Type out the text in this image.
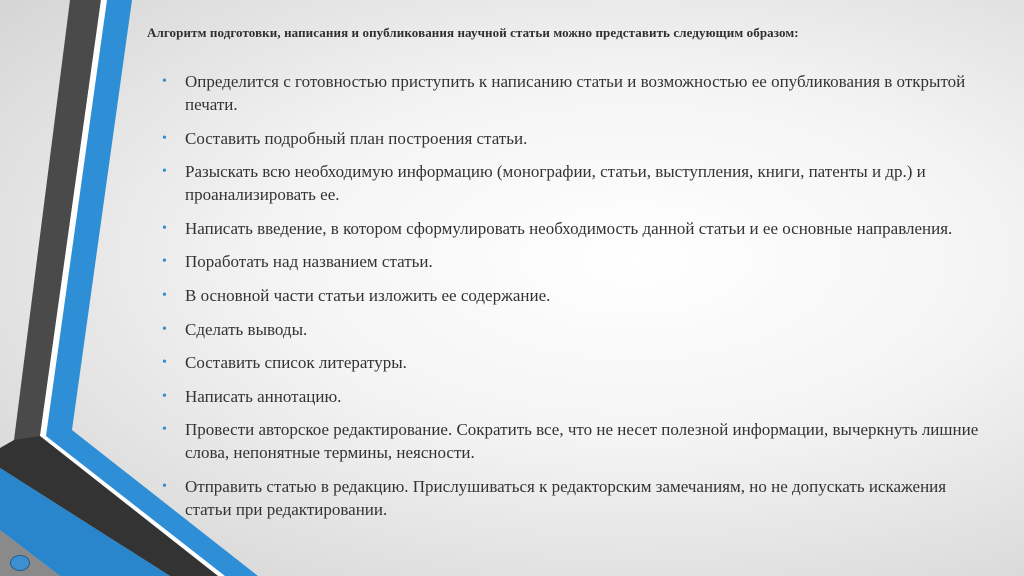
Алгоритм подготовки, написания и опубликования научной статьи можно представить следующим образом:

• Определится с готовностью приступить к написанию статьи и возможностью ее опубликования в открытой печати.
• Составить подробный план построения статьи.
• Разыскать всю необходимую информацию (монографии, статьи, выступления, книги, патенты и др.) и проанализировать ее.
• Написать введение, в котором сформулировать необходимость данной статьи и ее основные направления.
• Поработать над названием статьи.
• В основной части статьи изложить ее содержание.
• Сделать выводы.
• Составить список литературы.
• Написать аннотацию.
• Провести авторское редактирование. Сократить все, что не несет полезной информации, вычеркнуть лишние слова, непонятные термины, неясности.
• Отправить статью в редакцию. Прислушиваться к редакторским замечаниям, но не допускать искажения статьи при редактировании.
